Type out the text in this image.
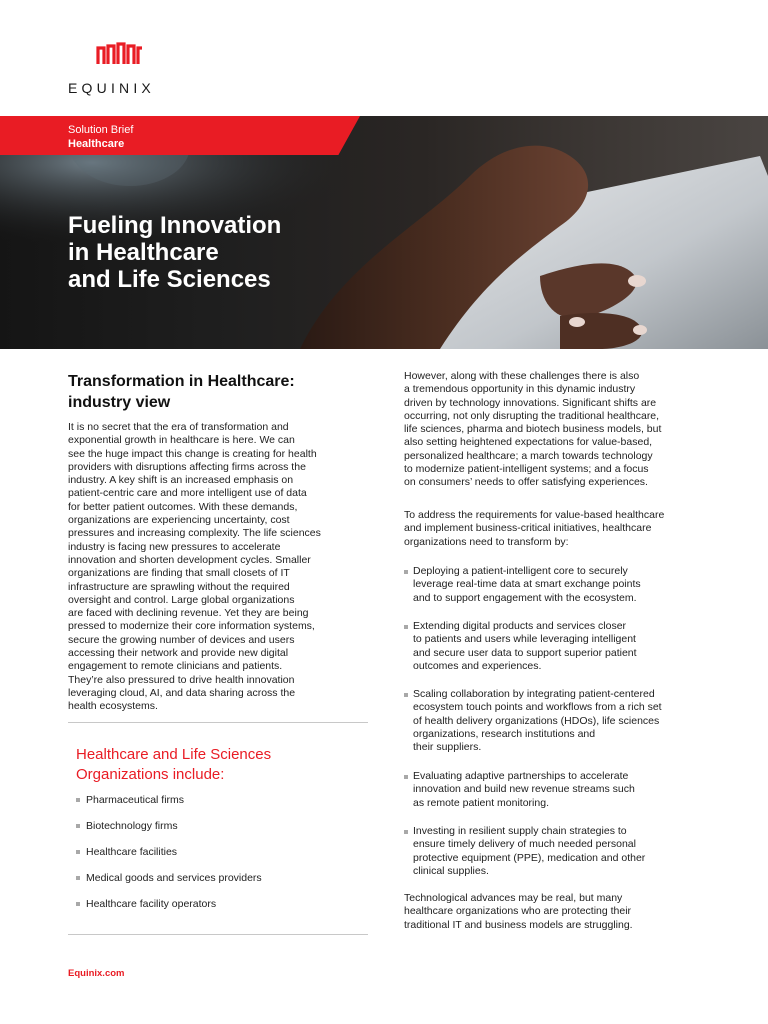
EQUINIX
Solution Brief
Healthcare
Fueling Innovation
in Healthcare
and Life Sciences
Transformation in Healthcare:
industry view
It is no secret that the era of transformation and
exponential growth in healthcare is here. We can
see the huge impact this change is creating for health
providers with disruptions affecting firms across the
industry. A key shift is an increased emphasis on
patient-centric care and more intelligent use of data
for better patient outcomes. With these demands,
organizations are experiencing uncertainty, cost
pressures and increasing complexity. The life sciences
industry is facing new pressures to accelerate
innovation and shorten development cycles. Smaller
organizations are finding that small closets of IT
infrastructure are sprawling without the required
oversight and control. Large global organizations
are faced with declining revenue. Yet they are being
pressed to modernize their core information systems,
secure the growing number of devices and users
accessing their network and provide new digital
engagement to remote clinicians and patients.
They’re also pressured to drive health innovation
leveraging cloud, AI, and data sharing across the
health ecosystems.
Healthcare and Life Sciences
Organizations include:
Pharmaceutical firms
Biotechnology firms
Healthcare facilities
Medical goods and services providers
Healthcare facility operators
Equinix.com
However, along with these challenges there is also
a tremendous opportunity in this dynamic industry
driven by technology innovations. Significant shifts are
occurring, not only disrupting the traditional healthcare,
life sciences, pharma and biotech business models, but
also setting heightened expectations for value-based,
personalized healthcare; a march towards technology
to modernize patient-intelligent systems; and a focus
on consumers’ needs to offer satisfying experiences.
To address the requirements for value-based healthcare
and implement business-critical initiatives, healthcare
organizations need to transform by:
Deploying a patient-intelligent core to securely
leverage real-time data at smart exchange points
and to support engagement with the ecosystem.
Extending digital products and services closer
to patients and users while leveraging intelligent
and secure user data to support superior patient
outcomes and experiences.
Scaling collaboration by integrating patient-centered
ecosystem touch points and workflows from a rich set
of health delivery organizations (HDOs), life sciences
organizations, research institutions and
their suppliers.
Evaluating adaptive partnerships to accelerate
innovation and build new revenue streams such
as remote patient monitoring.
Investing in resilient supply chain strategies to
ensure timely delivery of much needed personal
protective equipment (PPE), medication and other
clinical supplies.
Technological advances may be real, but many
healthcare organizations who are protecting their
traditional IT and business models are struggling.
